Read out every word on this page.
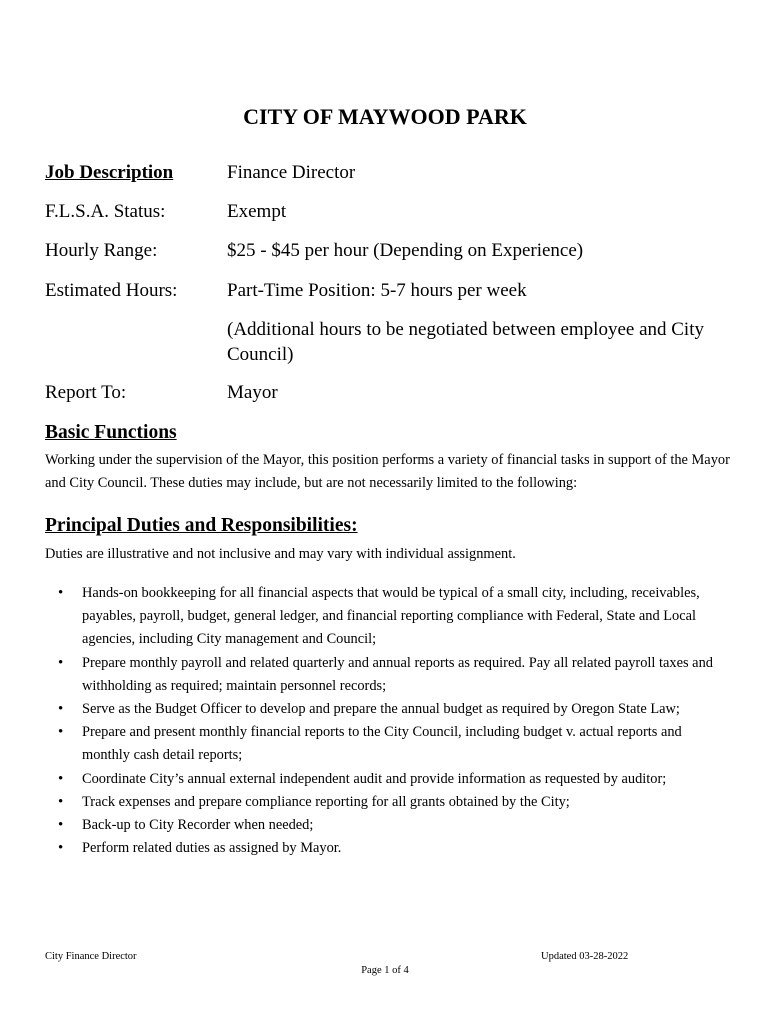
CITY OF MAYWOOD PARK
Job Description	Finance Director
F.L.S.A. Status:	Exempt
Hourly Range:	$25 - $45 per hour (Depending on Experience)
Estimated Hours:	Part-Time Position: 5-7 hours per week
(Additional hours to be negotiated between employee and City Council)
Report To:	Mayor
Basic Functions
Working under the supervision of the Mayor, this position performs a variety of financial tasks in support of the Mayor and City Council. These duties may include, but are not necessarily limited to the following:
Principal Duties and Responsibilities:
Duties are illustrative and not inclusive and may vary with individual assignment.
• Hands-on bookkeeping for all financial aspects that would be typical of a small city, including, receivables, payables, payroll, budget, general ledger, and financial reporting compliance with Federal, State and Local agencies, including City management and Council;
• Prepare monthly payroll and related quarterly and annual reports as required. Pay all related payroll taxes and withholding as required; maintain personnel records;
• Serve as the Budget Officer to develop and prepare the annual budget as required by Oregon State Law;
• Prepare and present monthly financial reports to the City Council, including budget v. actual reports and monthly cash detail reports;
• Coordinate City’s annual external independent audit and provide information as requested by auditor;
• Track expenses and prepare compliance reporting for all grants obtained by the City;
• Back-up to City Recorder when needed;
• Perform related duties as assigned by Mayor.
City Finance Director	Updated 03-28-2022
Page 1 of 4
